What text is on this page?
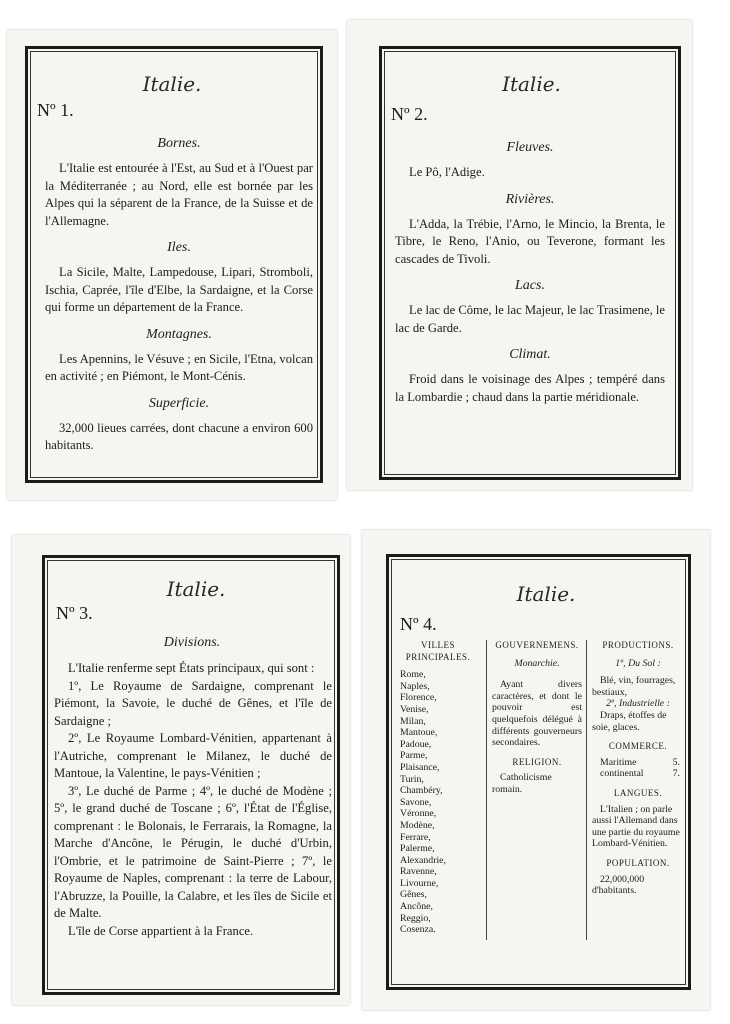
Italie.
Nº 1.
Bornes.

L'Italie est entourée à l'Est, au Sud et à l'Ouest par la Méditerranée ; au Nord, elle est bornée par les Alpes qui la séparent de la France, de la Suisse et de l'Allemagne.

Iles.

La Sicile, Malte, Lampedouse, Lipari, Stromboli, Ischia, Caprée, l'île d'Elbe, la Sardaigne, et la Corse qui forme un département de la France.

Montagnes.

Les Apennins, le Vésuve ; en Sicile, l'Etna, volcan en activité ; en Piémont, le Mont-Cénis.

Superficie.

32,000 lieues carrées, dont chacune a environ 600 habitants.

Italie.
Nº 2.
Fleuves.

Le Pô, l'Adige.

Rivières.

L'Adda, la Trébie, l'Arno, le Mincio, la Brenta, le Tibre, le Reno, l'Anio, ou Teverone, formant les cascades de Tivoli.

Lacs.

Le lac de Côme, le lac Majeur, le lac Trasimene, le lac de Garde.

Climat.

Froid dans le voisinage des Alpes ; tempéré dans la Lombardie ; chaud dans la partie méridionale.

Italie.
Nº 3.
Divisions.

L'Italie renferme sept États principaux, qui sont :

1º, Le Royaume de Sardaigne, comprenant le Piémont, la Savoie, le duché de Gênes, et l'île de Sardaigne ;

2º, Le Royaume Lombard-Vénitien, appartenant à l'Autriche, comprenant le Milanez, le duché de Mantoue, la Valentine, le pays-Vénitien ;

3º, Le duché de Parme ; 4º, le duché de Modène ; 5º, le grand duché de Toscane ; 6º, l'État de l'Église, comprenant : le Bolonais, le Ferrarais, la Romagne, la Marche d'Ancône, le Pérugin, le duché d'Urbin, l'Ombrie, et le patrimoine de Saint-Pierre ; 7º, le Royaume de Naples, comprenant : la terre de Labour, l'Abruzze, la Pouille, la Calabre, et les îles de Sicile et de Malte.

L'île de Corse appartient à la France.

Italie.
Nº 4.
VILLES PRINCIPALES.
Rome,
Naples,
Florence,
Venise,
Milan,
Mantoue,
Padoue,
Parme,
Plaisance,
Turin,
Chambéry,
Savone,
Véronne,
Modène,
Ferrare,
Palerme,
Alexandrie,
Ravenne,
Livourne,
Gênes,
Ancône,
Reggio,
Cosenza.
GOUVERNEMENS.
Monarchie.
Ayant divers caractères, et dont le pouvoir est quelquefois délégué à différents gouverneurs secondaires.
RELIGION.
Catholicisme romain.
PRODUCTIONS.
1º, Du Sol :
Blé, vin, fourrages, bestiaux,
2º, Industrielle :
Draps, étoffes de soie, glaces.
COMMERCE.
Maritime	5.
continental	7.
LANGUES.
L'Italien ; on parle aussi l'Allemand dans une partie du royaume Lombard-Vénitien.
POPULATION.
22,000,000 d'habitants.
